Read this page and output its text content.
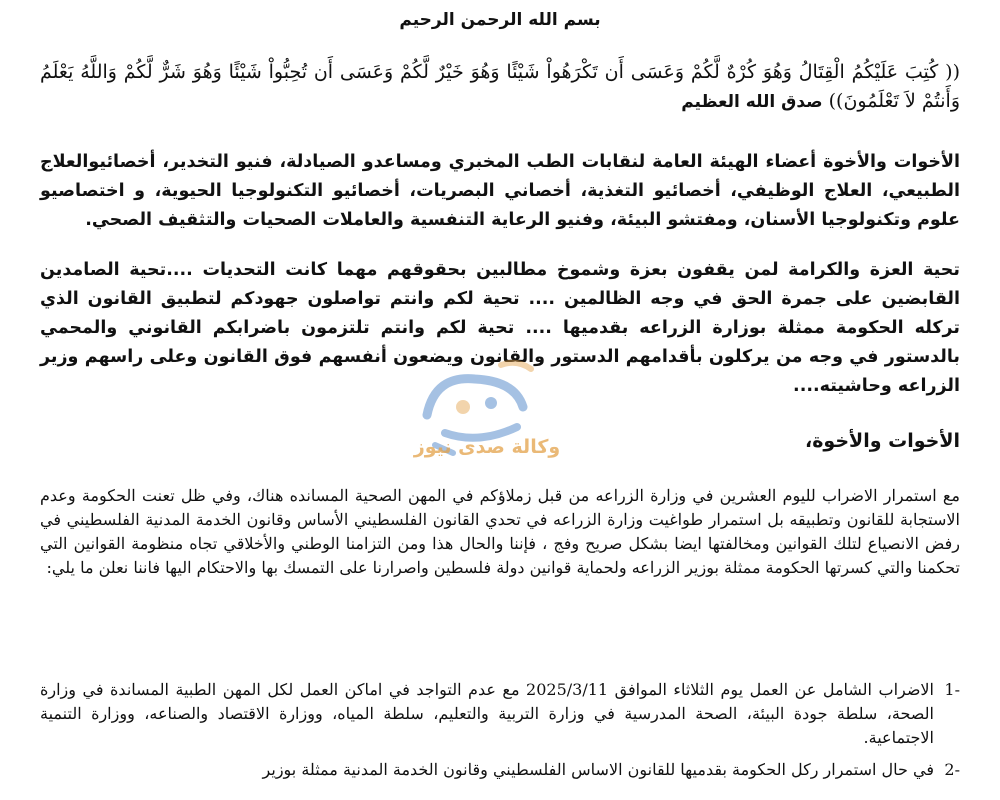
بسم الله الرحمن الرحيم
(( كُتِبَ عَلَيْكُمُ الْقِتَالُ وَهُوَ كُرْهٌ لَّكُمْ وَعَسَى أَن تَكْرَهُواْ شَيْئًا وَهُوَ خَيْرٌ لَّكُمْ وَعَسَى أَن تُحِبُّواْ شَيْئًا وَهُوَ شَرٌّ لَّكُمْ وَاللَّهُ يَعْلَمُ وَأَنتُمْ لاَ تَعْلَمُونَ)) صدق الله العظيم

الأخوات والأخوة أعضاء الهيئة العامة لنقابات الطب المخبري ومساعدو الصيادلة، فنيو التخدير، أخصائيوالعلاج الطبيعي، العلاج الوظيفي، أخصائيو التغذية، أخصاني البصريات، أخصائيو التكنولوجيا الحيوية، و اختصاصيو علوم وتكنولوجيا الأسنان، ومفتشو البيئة، وفنيو الرعاية التنفسية والعاملات الصحيات والتثقيف الصحي.

تحية العزة والكرامة لمن يقفون بعزة وشموخ مطالبين بحقوقهم مهما كانت التحديات ....تحية الصامدين القابضين على جمرة الحق في وجه الظالمين .... تحية لكم وانتم تواصلون جهودكم لتطبيق القانون الذي تركله الحكومة ممثلة بوزارة الزراعه بقدميها .... تحية لكم وانتم تلتزمون باضرابكم القانوني والمحمي بالدستور في وجه من يركلون بأقدامهم الدستور والقانون ويضعون أنفسهم فوق القانون وعلى راسهم وزير الزراعه وحاشيته....

الأخوات والأخوة،

مع استمرار الاضراب لليوم العشرين في وزارة الزراعه من قبل زملاؤكم في المهن الصحية المسانده هناك، وفي ظل تعنت الحكومة وعدم الاستجابة للقانون وتطبيقه بل استمرار طواغيت وزارة الزراعه في تحدي القانون الفلسطيني الأساس وقانون الخدمة المدنية الفلسطيني في رفض الانصياع لتلك القوانين ومخالفتها ايضا بشكل صريح وفج ، فإننا والحال هذا ومن التزامنا الوطني والأخلاقي تجاه منظومة القوانين التي تحكمنا والتي كسرتها الحكومة ممثلة بوزير الزراعه ولحماية قوانين دولة فلسطين واصرارنا على التمسك بها والاحتكام اليها فاننا نعلن ما يلي:

-1
الاضراب الشامل عن العمل يوم الثلاثاء الموافق 2025/3/11 مع عدم التواجد في اماكن العمل لكل المهن الطبية المساندة في وزارة الصحة، سلطة جودة البيئة، الصحة المدرسية في وزارة التربية والتعليم، سلطة المياه، ووزارة الاقتصاد والصناعه، ووزارة التنمية الاجتماعية.
-2
في حال استمرار ركل الحكومة بقدميها للقانون الاساس الفلسطيني وقانون الخدمة المدنية ممثلة بوزير
وكالة صدى نيوز
